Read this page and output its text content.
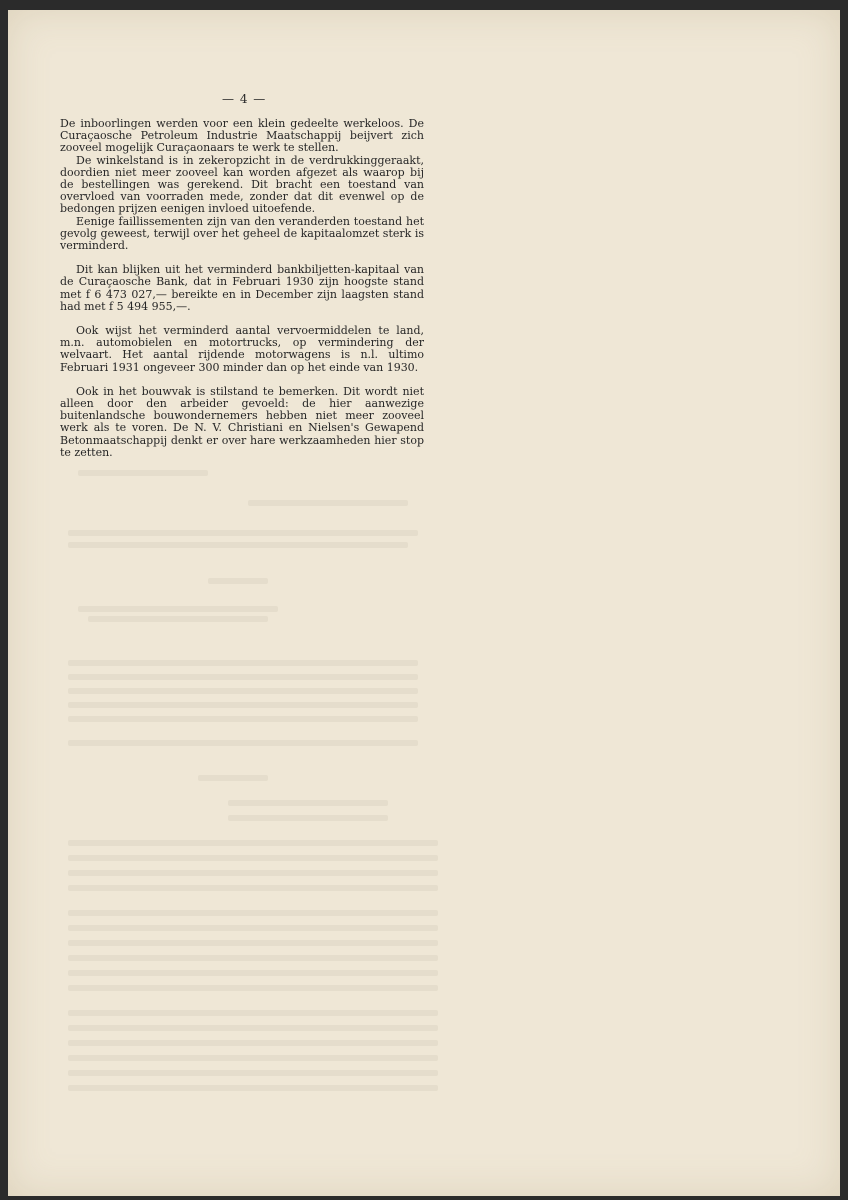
— 4 —

De inboorlingen werden voor een klein gedeelte werkeloos. De Curaçaosche Petroleum Industrie Maatschappij beijvert zich zooveel mogelijk Curaçaonaars te werk te stellen.

De winkelstand is in zekeropzicht in de verdrukkinggeraakt, doordien niet meer zooveel kan worden afgezet als waarop bij de bestellingen was gerekend. Dit bracht een toestand van overvloed van voorraden mede, zonder dat dit evenwel op de bedongen prijzen eenigen invloed uitoefende.

Eenige faillissementen zijn van den veranderden toestand het gevolg geweest, terwijl over het geheel de kapitaalomzet sterk is verminderd.

Dit kan blijken uit het verminderd bankbiljetten-kapitaal van de Curaçaosche Bank, dat in Februari 1930 zijn hoogste stand met f 6 473 027,— bereikte en in December zijn laagsten stand had met f 5 494 955,—.

Ook wijst het verminderd aantal vervoermiddelen te land, m.n. automobielen en motortrucks, op vermindering der welvaart. Het aantal rijdende motorwagens is n.l. ultimo Februari 1931 ongeveer 300 minder dan op het einde van 1930.

Ook in het bouwvak is stilstand te bemerken. Dit wordt niet alleen door den arbeider gevoeld: de hier aanwezige buitenlandsche bouwondernemers hebben niet meer zooveel werk als te voren. De N. V. Christiani en Nielsen's Gewapend Betonmaatschappij denkt er over hare werkzaamheden hier stop te zetten.
